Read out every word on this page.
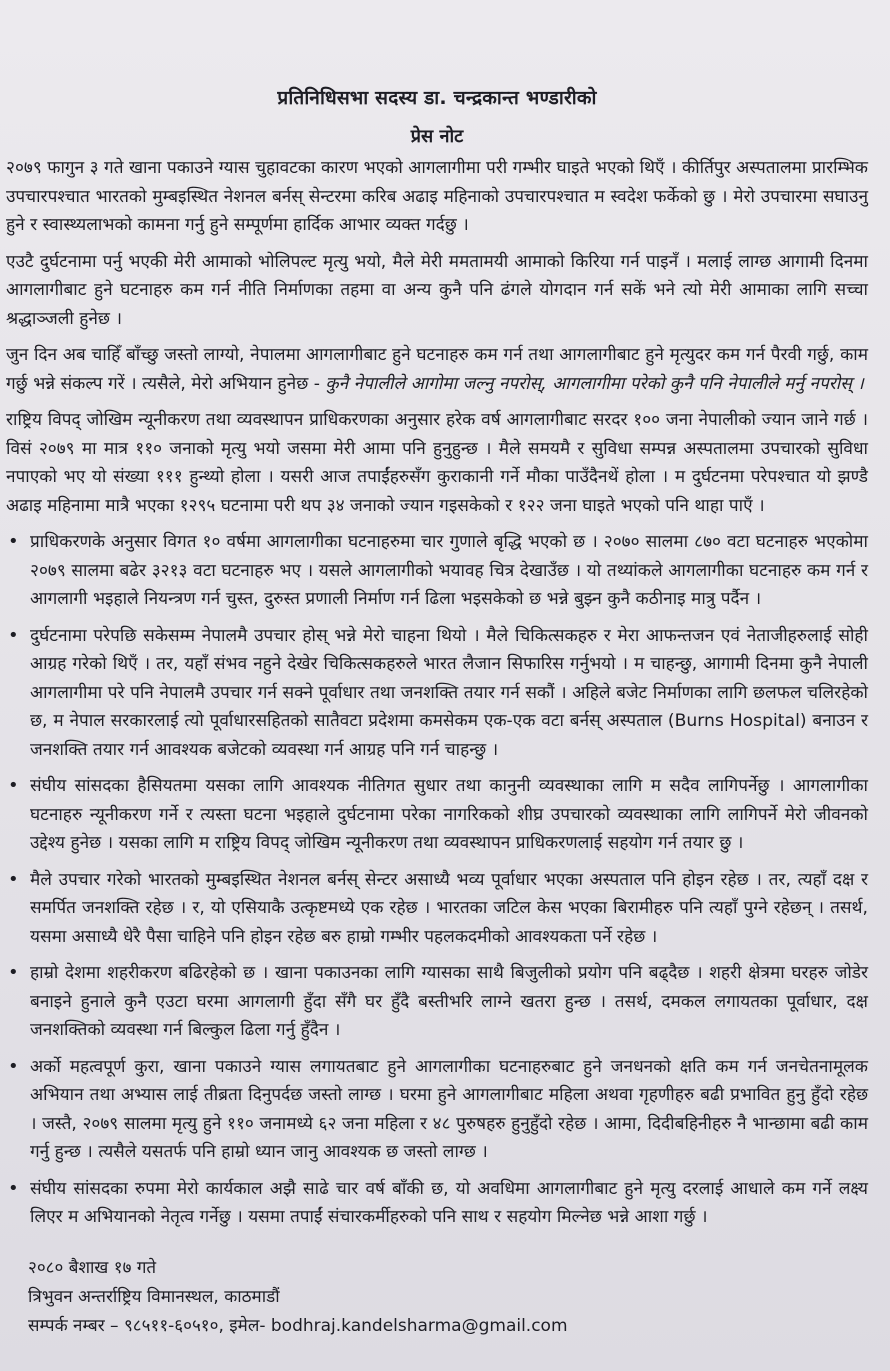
प्रतिनिधिसभा सदस्य डा. चन्द्रकान्त भण्डारीको
प्रेस नोट

२०७९ फागुन ३ गते खाना पकाउने ग्यास चुहावटका कारण भएको आगलागीमा परी गम्भीर घाइते भएको थिएँ । कीर्तिपुर अस्पतालमा प्रारम्भिक उपचारपश्चात भारतको मुम्बइस्थित नेशनल बर्नस् सेन्टरमा करिब अढाइ महिनाको उपचारपश्चात म स्वदेश फर्केको छु । मेरो उपचारमा सघाउनु हुने र स्वास्थ्यलाभको कामना गर्नु हुने सम्पूर्णमा हार्दिक आभार व्यक्त गर्दछु ।

एउटै दुर्घटनामा पर्नु भएकी मेरी आमाको भोलिपल्ट मृत्यु भयो, मैले मेरी ममतामयी आमाको किरिया गर्न पाइनँ । मलाई लाग्छ आगामी दिनमा आगलागीबाट हुने घटनाहरु कम गर्न नीति निर्माणका तहमा वा अन्य कुनै पनि ढंगले योगदान गर्न सकें भने त्यो मेरी आमाका लागि सच्चा श्रद्धाञ्जली हुनेछ ।

जुन दिन अब चाहिँ बाँच्छु जस्तो लाग्यो, नेपालमा आगलागीबाट हुने घटनाहरु कम गर्न तथा आगलागीबाट हुने मृत्युदर कम गर्न पैरवी गर्छु, काम गर्छु भन्ने संकल्प गरें । त्यसैले, मेरो अभियान हुनेछ - कुनै नेपालीले आगोमा जल्नु नपरोस्, आगलागीमा परेको कुनै पनि नेपालीले मर्नु नपरोस् ।

राष्ट्रिय विपद् जोखिम न्यूनीकरण तथा व्यवस्थापन प्राधिकरणका अनुसार हरेक वर्ष आगलागीबाट सरदर १०० जना नेपालीको ज्यान जाने गर्छ । विसं २०७९ मा मात्र ११० जनाको मृत्यु भयो जसमा मेरी आमा पनि हुनुहुन्छ । मैले समयमै र सुविधा सम्पन्न अस्पतालमा उपचारको सुविधा नपाएको भए यो संख्या १११ हुन्थ्यो होला । यसरी आज तपाईंहरुसँग कुराकानी गर्ने मौका पाउँदैनथें होला । म दुर्घटनमा परेपश्चात यो झण्डै अढाइ महिनामा मात्रै भएका १२९५ घटनामा परी थप ३४ जनाको ज्यान गइसकेको र १२२ जना घाइते भएको पनि थाहा पाएँ ।

• प्राधिकरणके अनुसार विगत १० वर्षमा आगलागीका घटनाहरुमा चार गुणाले बृद्धि भएको छ । २०७० सालमा ८७० वटा घटनाहरु भएकोमा २०७९ सालमा बढेर ३२१३ वटा घटनाहरु भए । यसले आगलागीको भयावह चित्र देखाउँछ । यो तथ्यांकले आगलागीका घटनाहरु कम गर्न र आगलागी भइहाले नियन्त्रण गर्न चुस्त, दुरुस्त प्रणाली निर्माण गर्न ढिला भइसकेको छ भन्ने बुझ्न कुनै कठीनाइ मात्रु पर्दैन ।
• दुर्घटनामा परेपछि सकेसम्म नेपालमै उपचार होस् भन्ने मेरो चाहना थियो । मैले चिकित्सकहरु र मेरा आफन्तजन एवं नेताजीहरुलाई सोही आग्रह गरेको थिएँ । तर, यहाँ संभव नहुने देखेर चिकित्सकहरुले भारत लैजान सिफारिस गर्नुभयो । म चाहन्छु, आगामी दिनमा कुनै नेपाली आगलागीमा परे पनि नेपालमै उपचार गर्न सक्ने पूर्वाधार तथा जनशक्ति तयार गर्न सकौं । अहिले बजेट निर्माणका लागि छलफल चलिरहेको छ, म नेपाल सरकारलाई त्यो पूर्वाधारसहितको सातैवटा प्रदेशमा कमसेकम एक-एक वटा बर्नस् अस्पताल (Burns Hospital) बनाउन र जनशक्ति तयार गर्न आवश्यक बजेटको व्यवस्था गर्न आग्रह पनि गर्न चाहन्छु ।
• संघीय सांसदका हैसियतमा यसका लागि आवश्यक नीतिगत सुधार तथा कानुनी व्यवस्थाका लागि म सदैव लागिपर्नेछु । आगलागीका घटनाहरु न्यूनीकरण गर्ने र त्यस्ता घटना भइहाले दुर्घटनामा परेका नागरिकको शीघ्र उपचारको व्यवस्थाका लागि लागिपर्ने मेरो जीवनको उद्देश्य हुनेछ । यसका लागि म राष्ट्रिय विपद् जोखिम न्यूनीकरण तथा व्यवस्थापन प्राधिकरणलाई सहयोग गर्न तयार छु ।
• मैले उपचार गरेको भारतको मुम्बइस्थित नेशनल बर्नस् सेन्टर असाध्यै भव्य पूर्वाधार भएका अस्पताल पनि होइन रहेछ । तर, त्यहाँ दक्ष र समर्पित जनशक्ति रहेछ । र, यो एसियाकै उत्कृष्टमध्ये एक रहेछ । भारतका जटिल केस भएका बिरामीहरु पनि त्यहाँ पुग्ने रहेछन् । तसर्थ, यसमा असाध्यै धेरै पैसा चाहिने पनि होइन रहेछ बरु हाम्रो गम्भीर पहलकदमीको आवश्यकता पर्ने रहेछ ।
• हाम्रो देशमा शहरीकरण बढिरहेको छ । खाना पकाउनका लागि ग्यासका साथै बिजुलीको प्रयोग पनि बढ्दैछ । शहरी क्षेत्रमा घरहरु जोडेर बनाइने हुनाले कुनै एउटा घरमा आगलागी हुँदा सँगै घर हुँदै बस्तीभरि लाग्ने खतरा हुन्छ । तसर्थ, दमकल लगायतका पूर्वाधार, दक्ष जनशक्तिको व्यवस्था गर्न बिल्कुल ढिला गर्नु हुँदैन ।
• अर्को महत्वपूर्ण कुरा, खाना पकाउने ग्यास लगायतबाट हुने आगलागीका घटनाहरुबाट हुने जनधनको क्षति कम गर्न जनचेतनामूलक अभियान तथा अभ्यास लाई तीब्रता दिनुपर्दछ जस्तो लाग्छ । घरमा हुने आगलागीबाट महिला अथवा गृहणीहरु बढी प्रभावित हुनु हुँदो रहेछ । जस्तै, २०७९ सालमा मृत्यु हुने ११० जनामध्ये ६२ जना महिला र ४८ पुरुषहरु हुनुहुँदो रहेछ । आमा, दिदीबहिनीहरु नै भान्छामा बढी काम गर्नु हुन्छ । त्यसैले यसतर्फ पनि हाम्रो ध्यान जानु आवश्यक छ जस्तो लाग्छ ।
• संघीय सांसदका रुपमा मेरो कार्यकाल अझै साढे चार वर्ष बाँकी छ, यो अवधिमा आगलागीबाट हुने मृत्यु दरलाई आधाले कम गर्ने लक्ष्य लिएर म अभियानको नेतृत्व गर्नेछु । यसमा तपाईं संचारकर्मीहरुको पनि साथ र सहयोग मिल्नेछ भन्ने आशा गर्छु ।
२०८० बैशाख १७ गते
त्रिभुवन अन्तर्राष्ट्रिय विमानस्थल, काठमाडौं
सम्पर्क नम्बर – ९८५११-६०५१०, इमेल- bodhraj.kandelsharma@gmail.com
